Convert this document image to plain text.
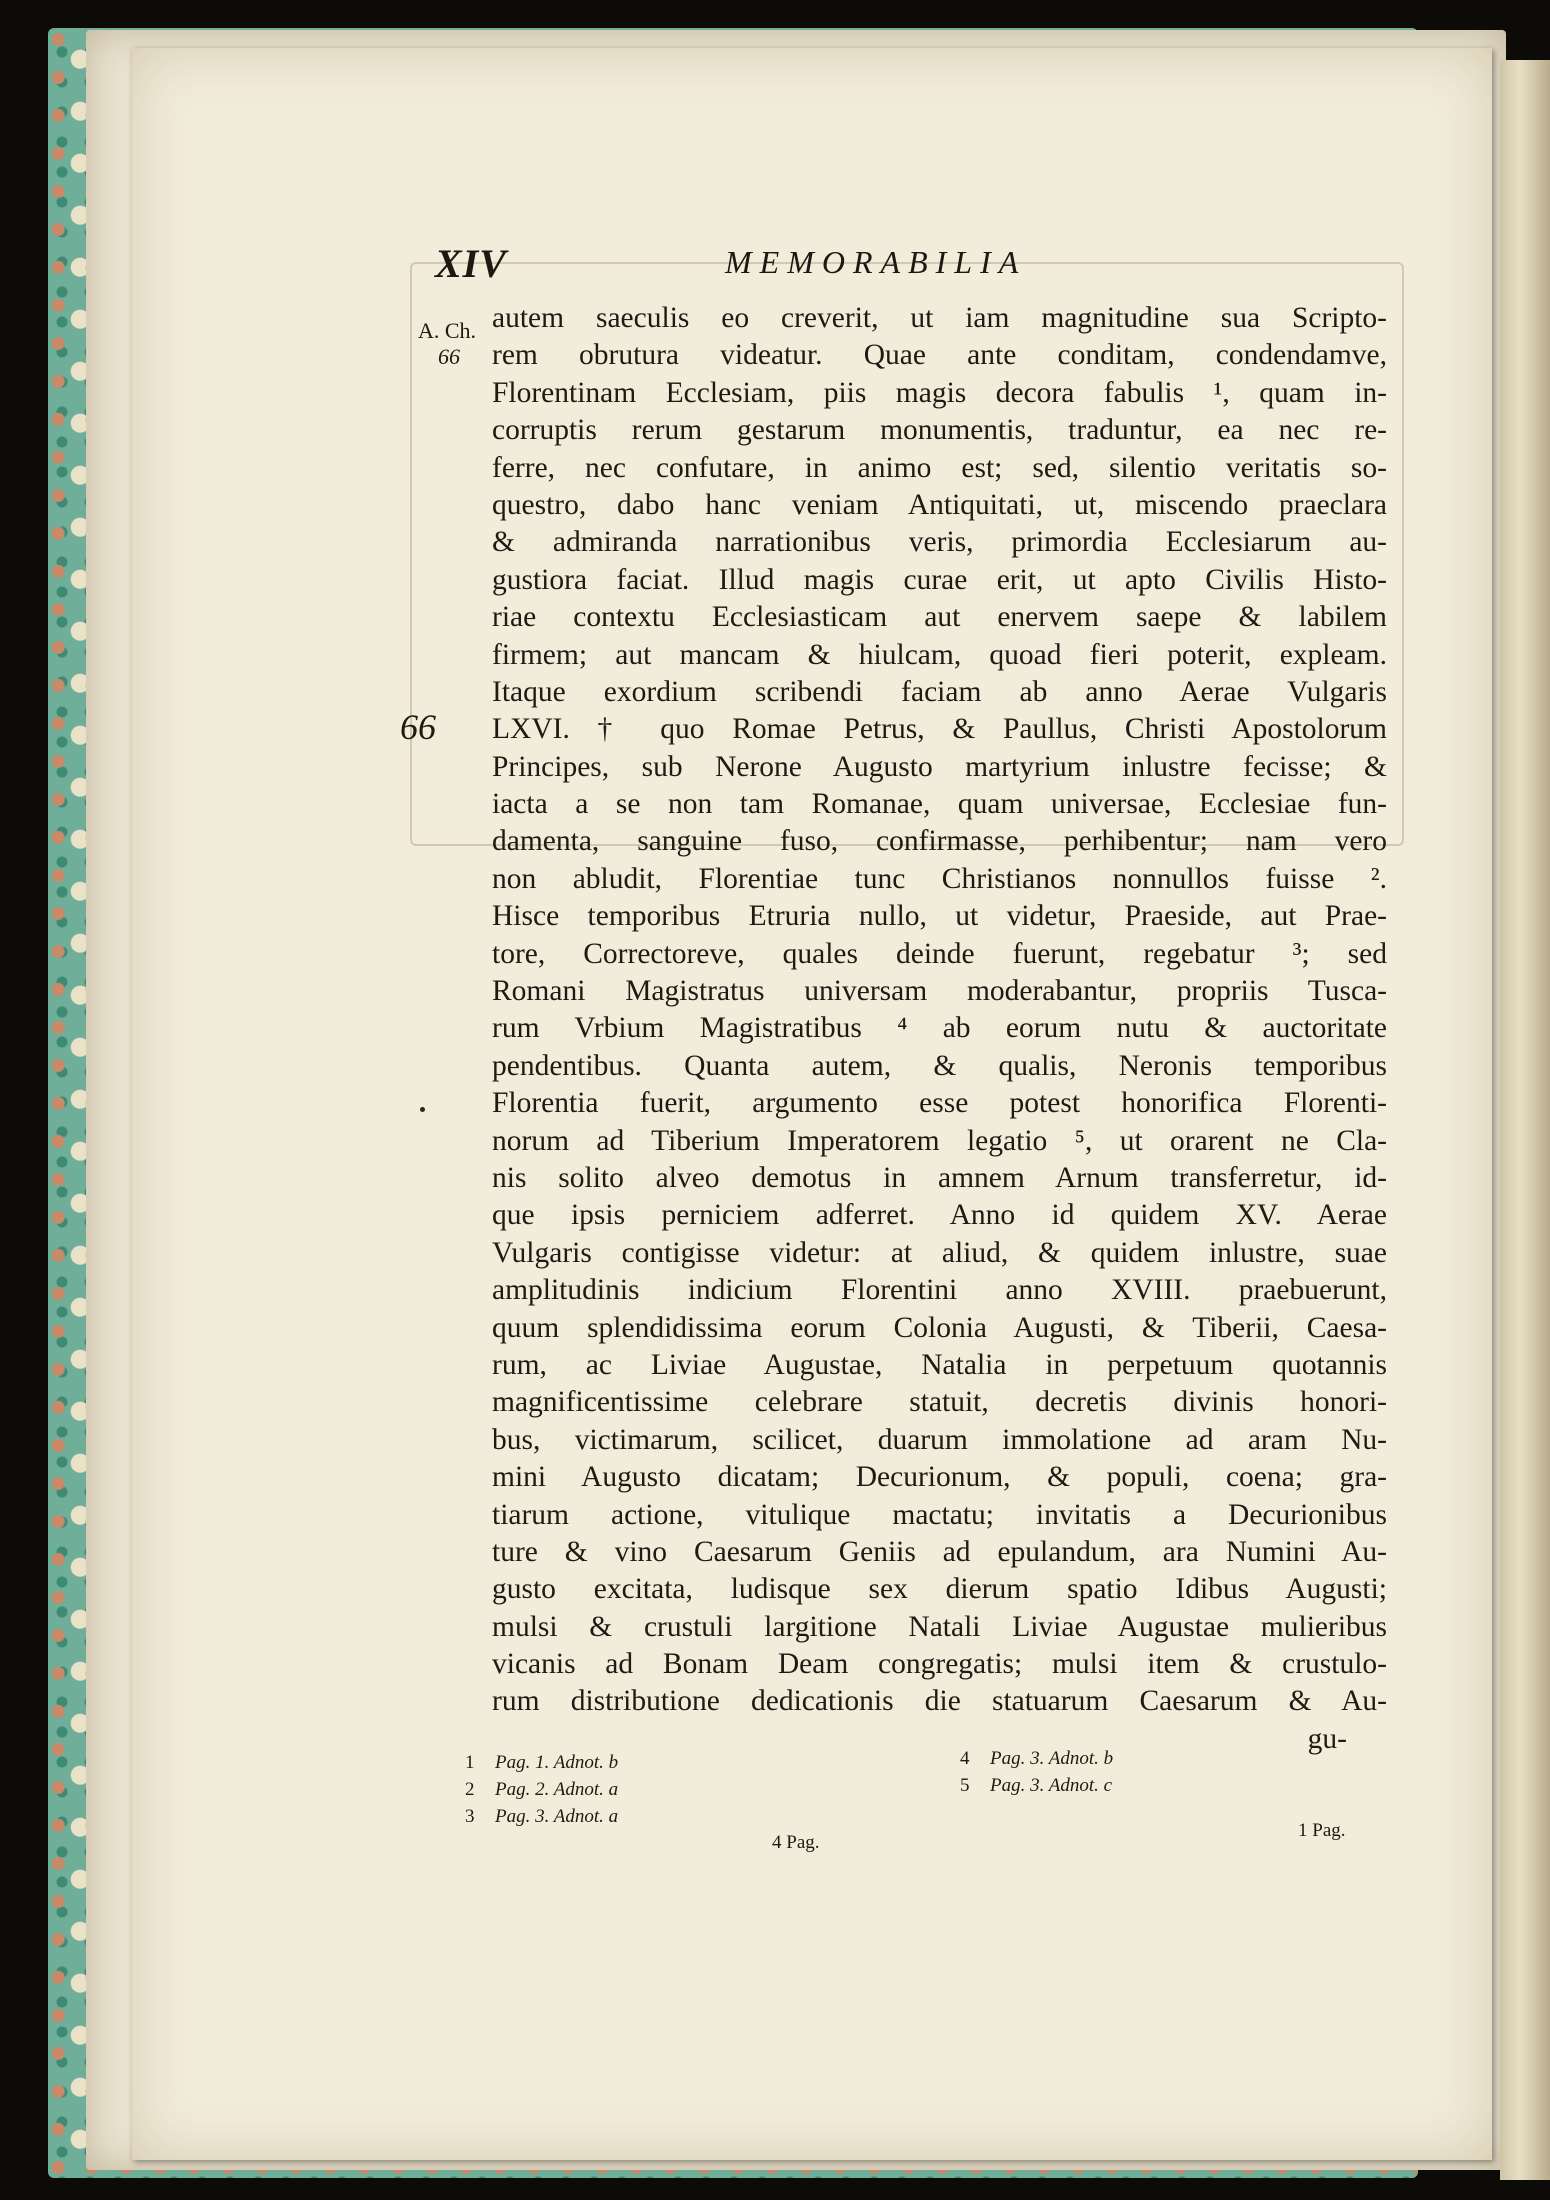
XIV	MEMORABILIA
A. Ch.
66
66
autem saeculis eo creverit, ut iam magnitudine sua Scripto-
rem obrutura videatur. Quae ante conditam, condendamve,
Florentinam Ecclesiam, piis magis decora fabulis ¹, quam in-
corruptis rerum gestarum monumentis, traduntur, ea nec re-
ferre, nec confutare, in animo est; sed, silentio veritatis so-
questro, dabo hanc veniam Antiquitati, ut, miscendo praeclara
& admiranda narrationibus veris, primordia Ecclesiarum au-
gustiora faciat. Illud magis curae erit, ut apto Civilis Histo-
riae contextu Ecclesiasticam aut enervem saepe & labilem
firmem; aut mancam & hiulcam, quoad fieri poterit, expleam.
Itaque exordium scribendi faciam ab anno Aerae Vulgaris
LXVI. † quo Romae Petrus, & Paullus, Christi Apostolorum
Principes, sub Nerone Augusto martyrium inlustre fecisse; &
iacta a se non tam Romanae, quam universae, Ecclesiae fun-
damenta, sanguine fuso, confirmasse, perhibentur; nam vero
non abludit, Florentiae tunc Christianos nonnullos fuisse ².
Hisce temporibus Etruria nullo, ut videtur, Praeside, aut Prae-
tore, Correctoreve, quales deinde fuerunt, regebatur ³; sed
Romani Magistratus universam moderabantur, propriis Tusca-
rum Vrbium Magistratibus ⁴ ab eorum nutu & auctoritate
pendentibus. Quanta autem, & qualis, Neronis temporibus
Florentia fuerit, argumento esse potest honorifica Florenti-
norum ad Tiberium Imperatorem legatio ⁵, ut orarent ne Cla-
nis solito alveo demotus in amnem Arnum transferretur, id-
que ipsis perniciem adferret. Anno id quidem XV. Aerae
Vulgaris contigisse videtur: at aliud, & quidem inlustre, suae
amplitudinis indicium Florentini anno XVIII. praebuerunt,
quum splendidissima eorum Colonia Augusti, & Tiberii, Caesa-
rum, ac Liviae Augustae, Natalia in perpetuum quotannis
magnificentissime celebrare statuit, decretis divinis honori-
bus, victimarum, scilicet, duarum immolatione ad aram Nu-
mini Augusto dicatam; Decurionum, & populi, coena; gra-
tiarum actione, vitulique mactatu; invitatis a Decurionibus
ture & vino Caesarum Geniis ad epulandum, ara Numini Au-
gusto excitata, ludisque sex dierum spatio Idibus Augusti;
mulsi & crustuli largitione Natali Liviae Augustae mulieribus
vicanis ad Bonam Deam congregatis; mulsi item & crustulo-
rum distributione dedicationis die statuarum Caesarum & Au-
gu-
1 Pag. 1. Adnot. b
2 Pag. 2. Adnot. a
3 Pag. 3. Adnot. a
4 Pag. 3. Adnot. b
5 Pag. 3. Adnot. c
4 Pag.
1 Pag.
